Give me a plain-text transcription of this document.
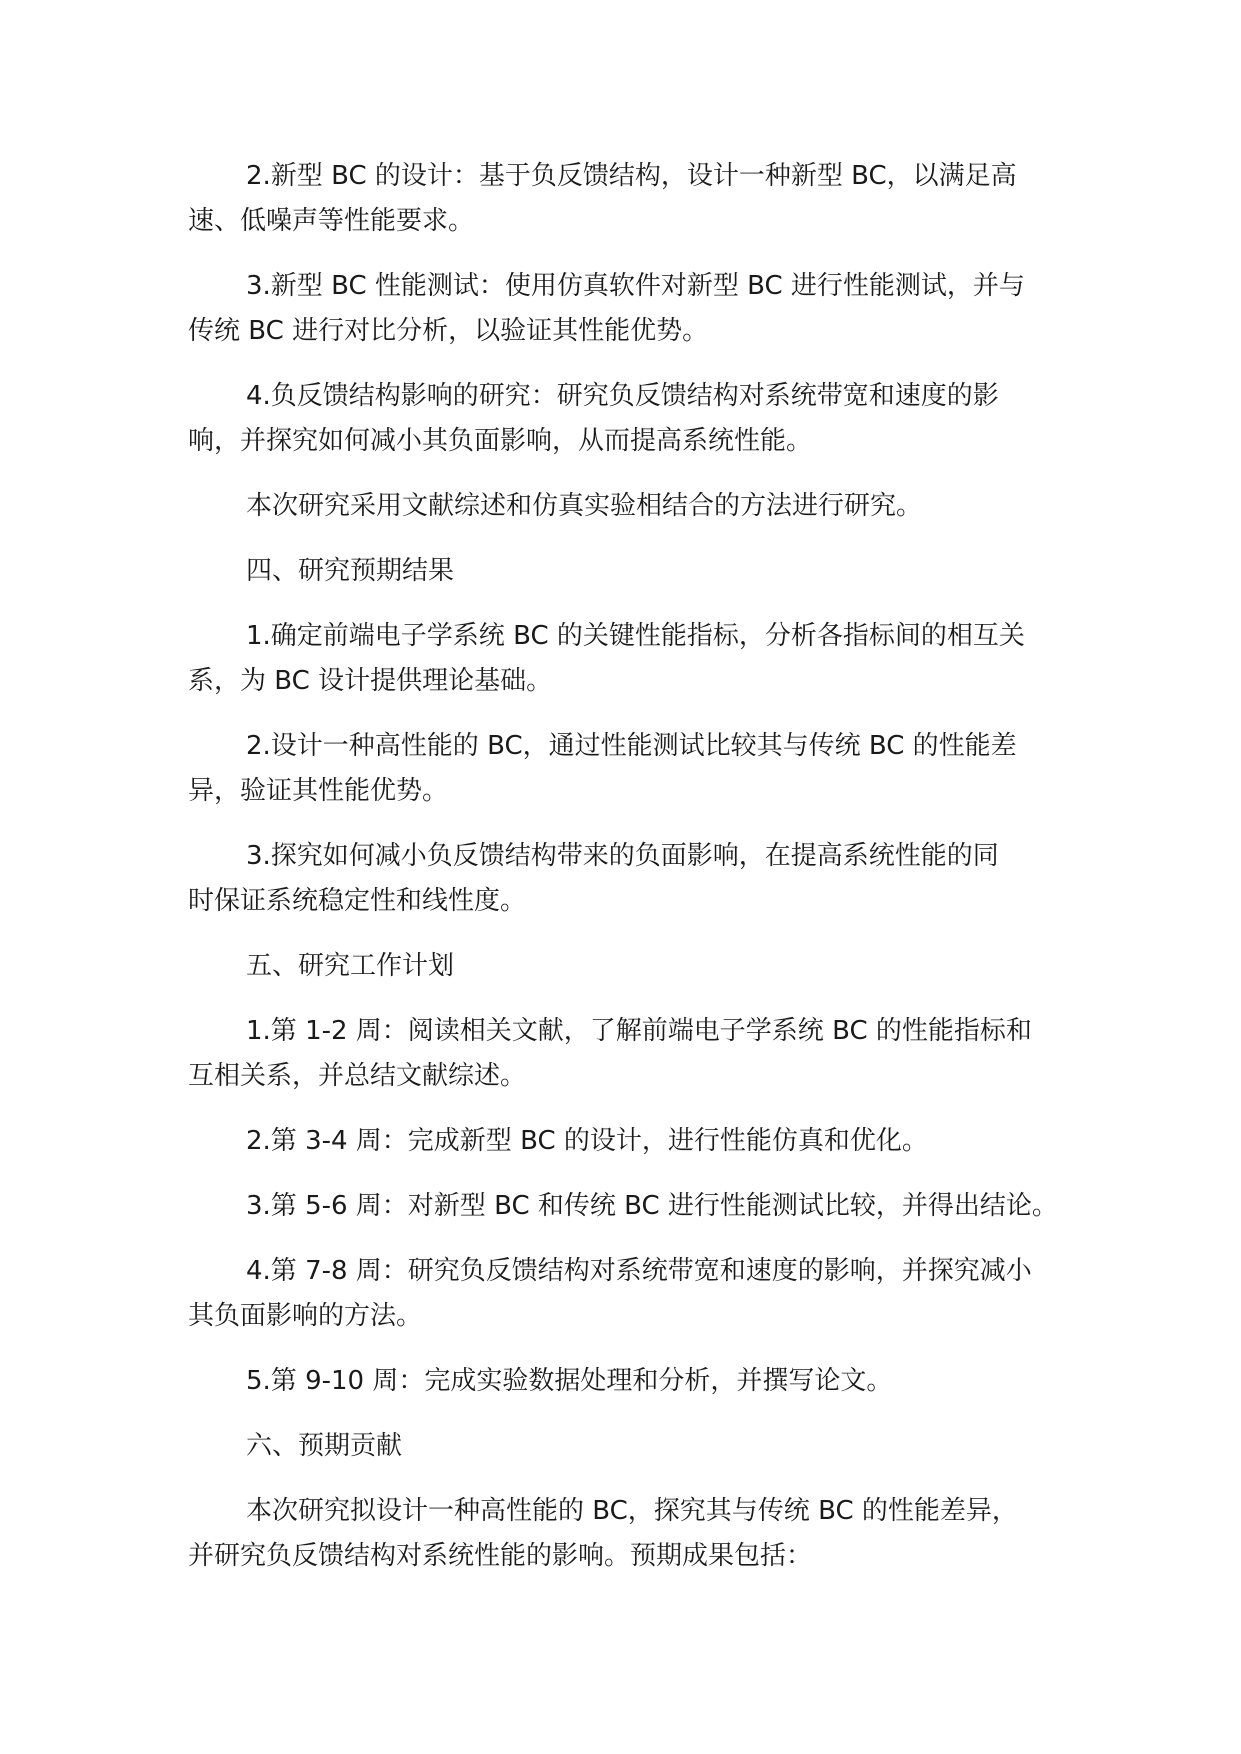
2.新型 BC 的设计：基于负反馈结构，设计一种新型 BC，以满足高
速、低噪声等性能要求。

3.新型 BC 性能测试：使用仿真软件对新型 BC 进行性能测试，并与
传统 BC 进行对比分析，以验证其性能优势。

4.负反馈结构影响的研究：研究负反馈结构对系统带宽和速度的影
响，并探究如何减小其负面影响，从而提高系统性能。

本次研究采用文献综述和仿真实验相结合的方法进行研究。

四、研究预期结果

1.确定前端电子学系统 BC 的关键性能指标，分析各指标间的相互关
系，为 BC 设计提供理论基础。

2.设计一种高性能的 BC，通过性能测试比较其与传统 BC 的性能差
异，验证其性能优势。

3.探究如何减小负反馈结构带来的负面影响，在提高系统性能的同
时保证系统稳定性和线性度。

五、研究工作计划

1.第 1-2 周：阅读相关文献，了解前端电子学系统 BC 的性能指标和
互相关系，并总结文献综述。

2.第 3-4 周：完成新型 BC 的设计，进行性能仿真和优化。

3.第 5-6 周：对新型 BC 和传统 BC 进行性能测试比较，并得出结论。

4.第 7-8 周：研究负反馈结构对系统带宽和速度的影响，并探究减小
其负面影响的方法。

5.第 9-10 周：完成实验数据处理和分析，并撰写论文。

六、预期贡献

本次研究拟设计一种高性能的 BC，探究其与传统 BC 的性能差异，
并研究负反馈结构对系统性能的影响。预期成果包括：
